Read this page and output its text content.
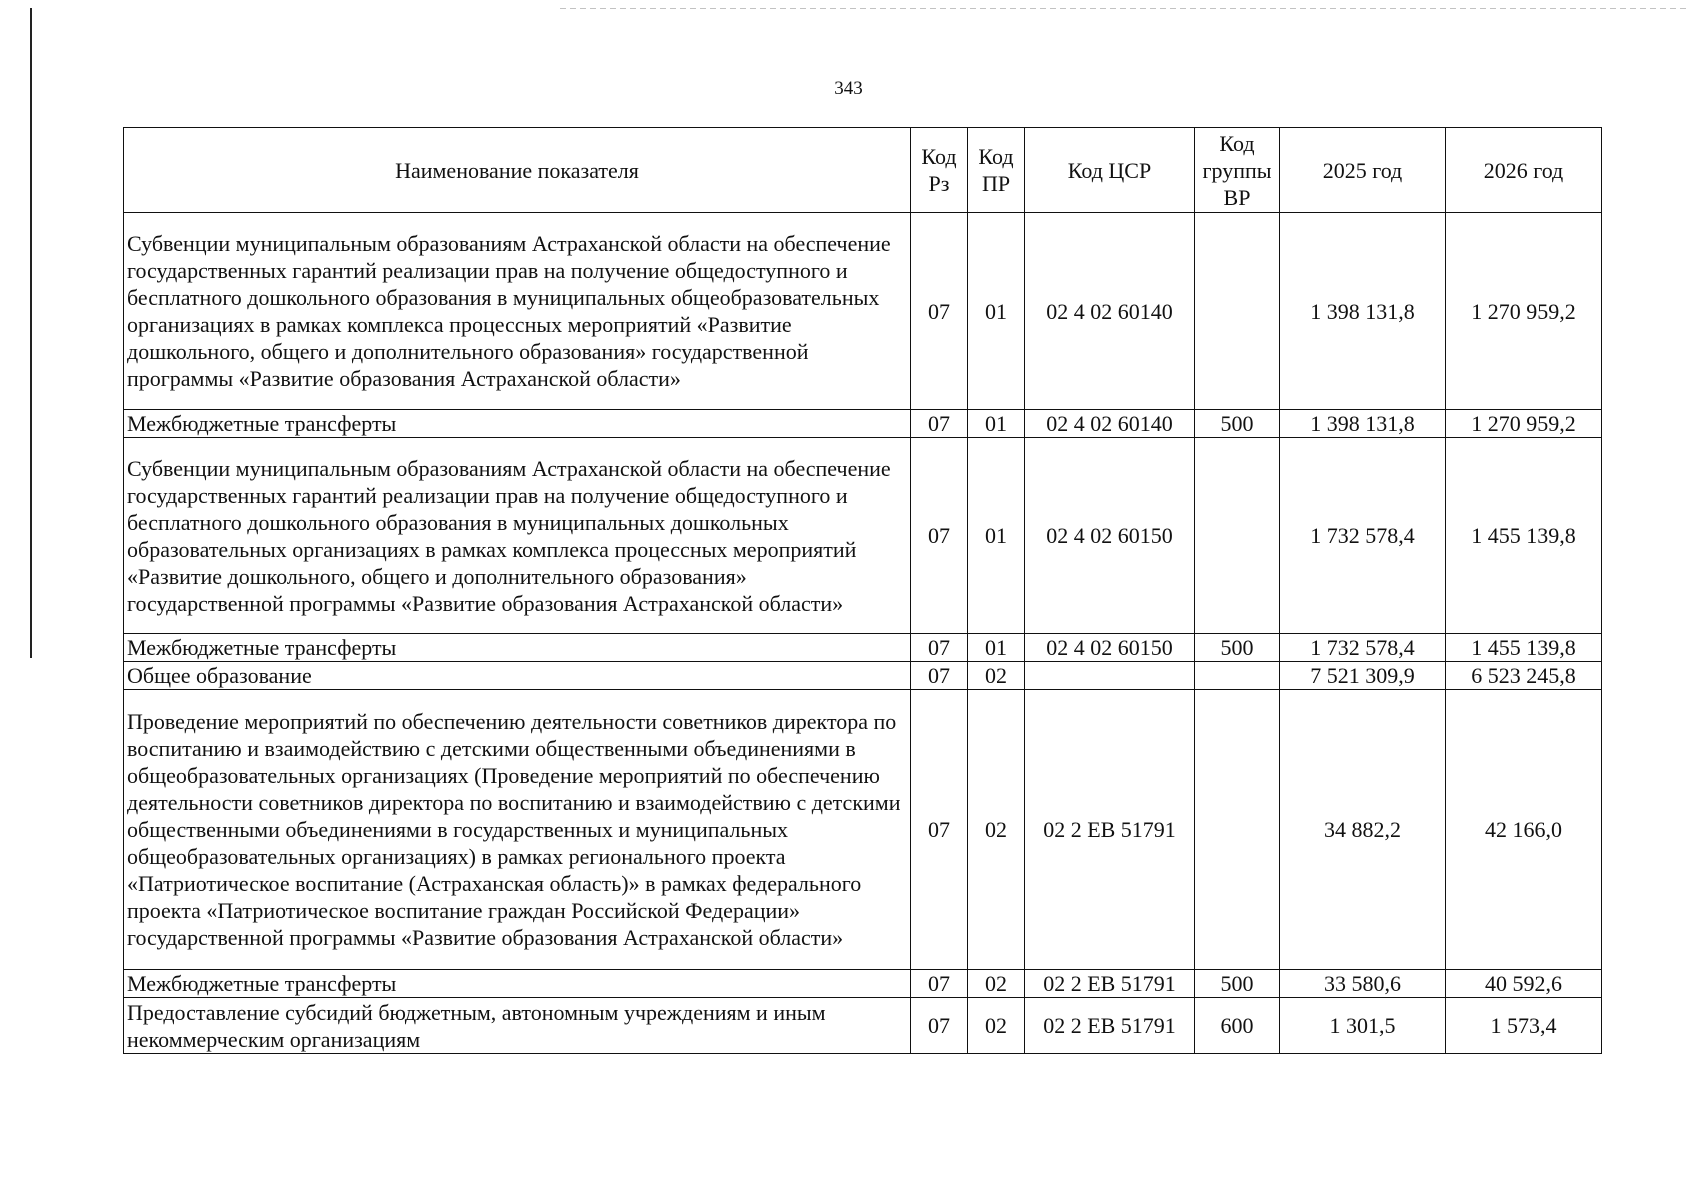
343
Наименование показателя	Код Рз	Код ПР	Код ЦСР	Код группы ВР	2025 год	2026 год
Субвенции муниципальным образованиям Астраханской области на обеспечение государственных гарантий реализации прав на получение общедоступного и бесплатного дошкольного образования в муниципальных общеобразовательных организациях в рамках комплекса процессных мероприятий «Развитие дошкольного, общего и дополнительного образования» государственной программы «Развитие образования Астраханской области»	07	01	02 4 02 60140		1 398 131,8	1 270 959,2
Межбюджетные трансферты	07	01	02 4 02 60140	500	1 398 131,8	1 270 959,2
Субвенции муниципальным образованиям Астраханской области на обеспечение государственных гарантий реализации прав на получение общедоступного и бесплатного дошкольного образования в муниципальных дошкольных образовательных организациях в рамках комплекса процессных мероприятий «Развитие дошкольного, общего и дополнительного образования» государственной программы «Развитие образования Астраханской области»	07	01	02 4 02 60150		1 732 578,4	1 455 139,8
Межбюджетные трансферты	07	01	02 4 02 60150	500	1 732 578,4	1 455 139,8
Общее образование	07	02			7 521 309,9	6 523 245,8
Проведение мероприятий по обеспечению деятельности советников директора по воспитанию и взаимодействию с детскими общественными объединениями в общеобразовательных организациях (Проведение мероприятий по обеспечению деятельности советников директора по воспитанию и взаимодействию с детскими общественными объединениями в государственных и муниципальных общеобразовательных организациях) в рамках регионального проекта «Патриотическое воспитание (Астраханская область)» в рамках федерального проекта «Патриотическое воспитание граждан Российской Федерации» государственной программы «Развитие образования Астраханской области»	07	02	02 2 EB 51791		34 882,2	42 166,0
Межбюджетные трансферты	07	02	02 2 EB 51791	500	33 580,6	40 592,6
Предоставление субсидий бюджетным, автономным учреждениям и иным некоммерческим организациям	07	02	02 2 EB 51791	600	1 301,5	1 573,4
